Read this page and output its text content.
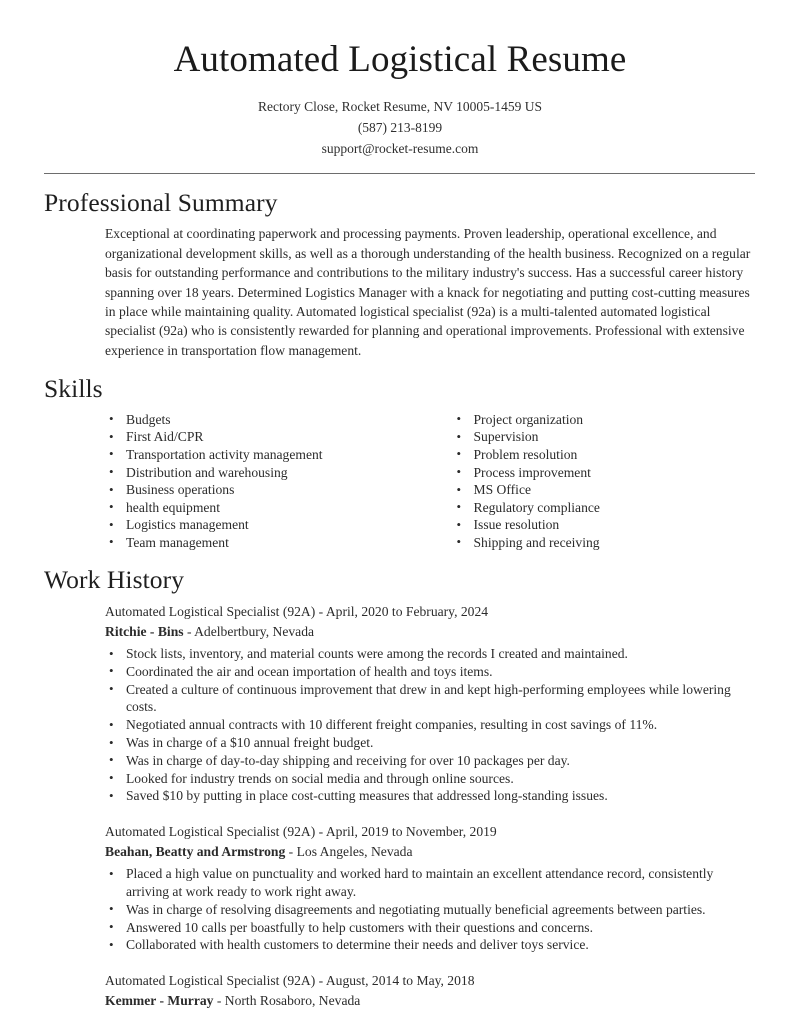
Automated Logistical Resume
Rectory Close, Rocket Resume, NV 10005-1459 US
(587) 213-8199
support@rocket-resume.com
Professional Summary

Exceptional at coordinating paperwork and processing payments. Proven leadership, operational excellence, and organizational development skills, as well as a thorough understanding of the health business. Recognized on a regular basis for outstanding performance and contributions to the military industry's success. Has a successful career history spanning over 18 years. Determined Logistics Manager with a knack for negotiating and putting cost-cutting measures in place while maintaining quality. Automated logistical specialist (92a) is a multi-talented automated logistical specialist (92a) who is consistently rewarded for planning and operational improvements. Professional with extensive experience in transportation flow management.

Skills
• Budgets
• First Aid/CPR
• Transportation activity management
• Distribution and warehousing
• Business operations
• health equipment
• Logistics management
• Team management
• Project organization
• Supervision
• Problem resolution
• Process improvement
• MS Office
• Regulatory compliance
• Issue resolution
• Shipping and receiving
Work History
Automated Logistical Specialist (92A) - April, 2020 to February, 2024
Ritchie - Bins - Adelbertbury, Nevada
• Stock lists, inventory, and material counts were among the records I created and maintained.
• Coordinated the air and ocean importation of health and toys items.
• Created a culture of continuous improvement that drew in and kept high-performing employees while lowering costs.
• Negotiated annual contracts with 10 different freight companies, resulting in cost savings of 11%.
• Was in charge of a $10 annual freight budget.
• Was in charge of day-to-day shipping and receiving for over 10 packages per day.
• Looked for industry trends on social media and through online sources.
• Saved $10 by putting in place cost-cutting measures that addressed long-standing issues.
Automated Logistical Specialist (92A) - April, 2019 to November, 2019
Beahan, Beatty and Armstrong - Los Angeles, Nevada
• Placed a high value on punctuality and worked hard to maintain an excellent attendance record, consistently arriving at work ready to work right away.
• Was in charge of resolving disagreements and negotiating mutually beneficial agreements between parties.
• Answered 10 calls per boastfully to help customers with their questions and concerns.
• Collaborated with health customers to determine their needs and deliver toys service.
Automated Logistical Specialist (92A) - August, 2014 to May, 2018
Kemmer - Murray - North Rosaboro, Nevada
